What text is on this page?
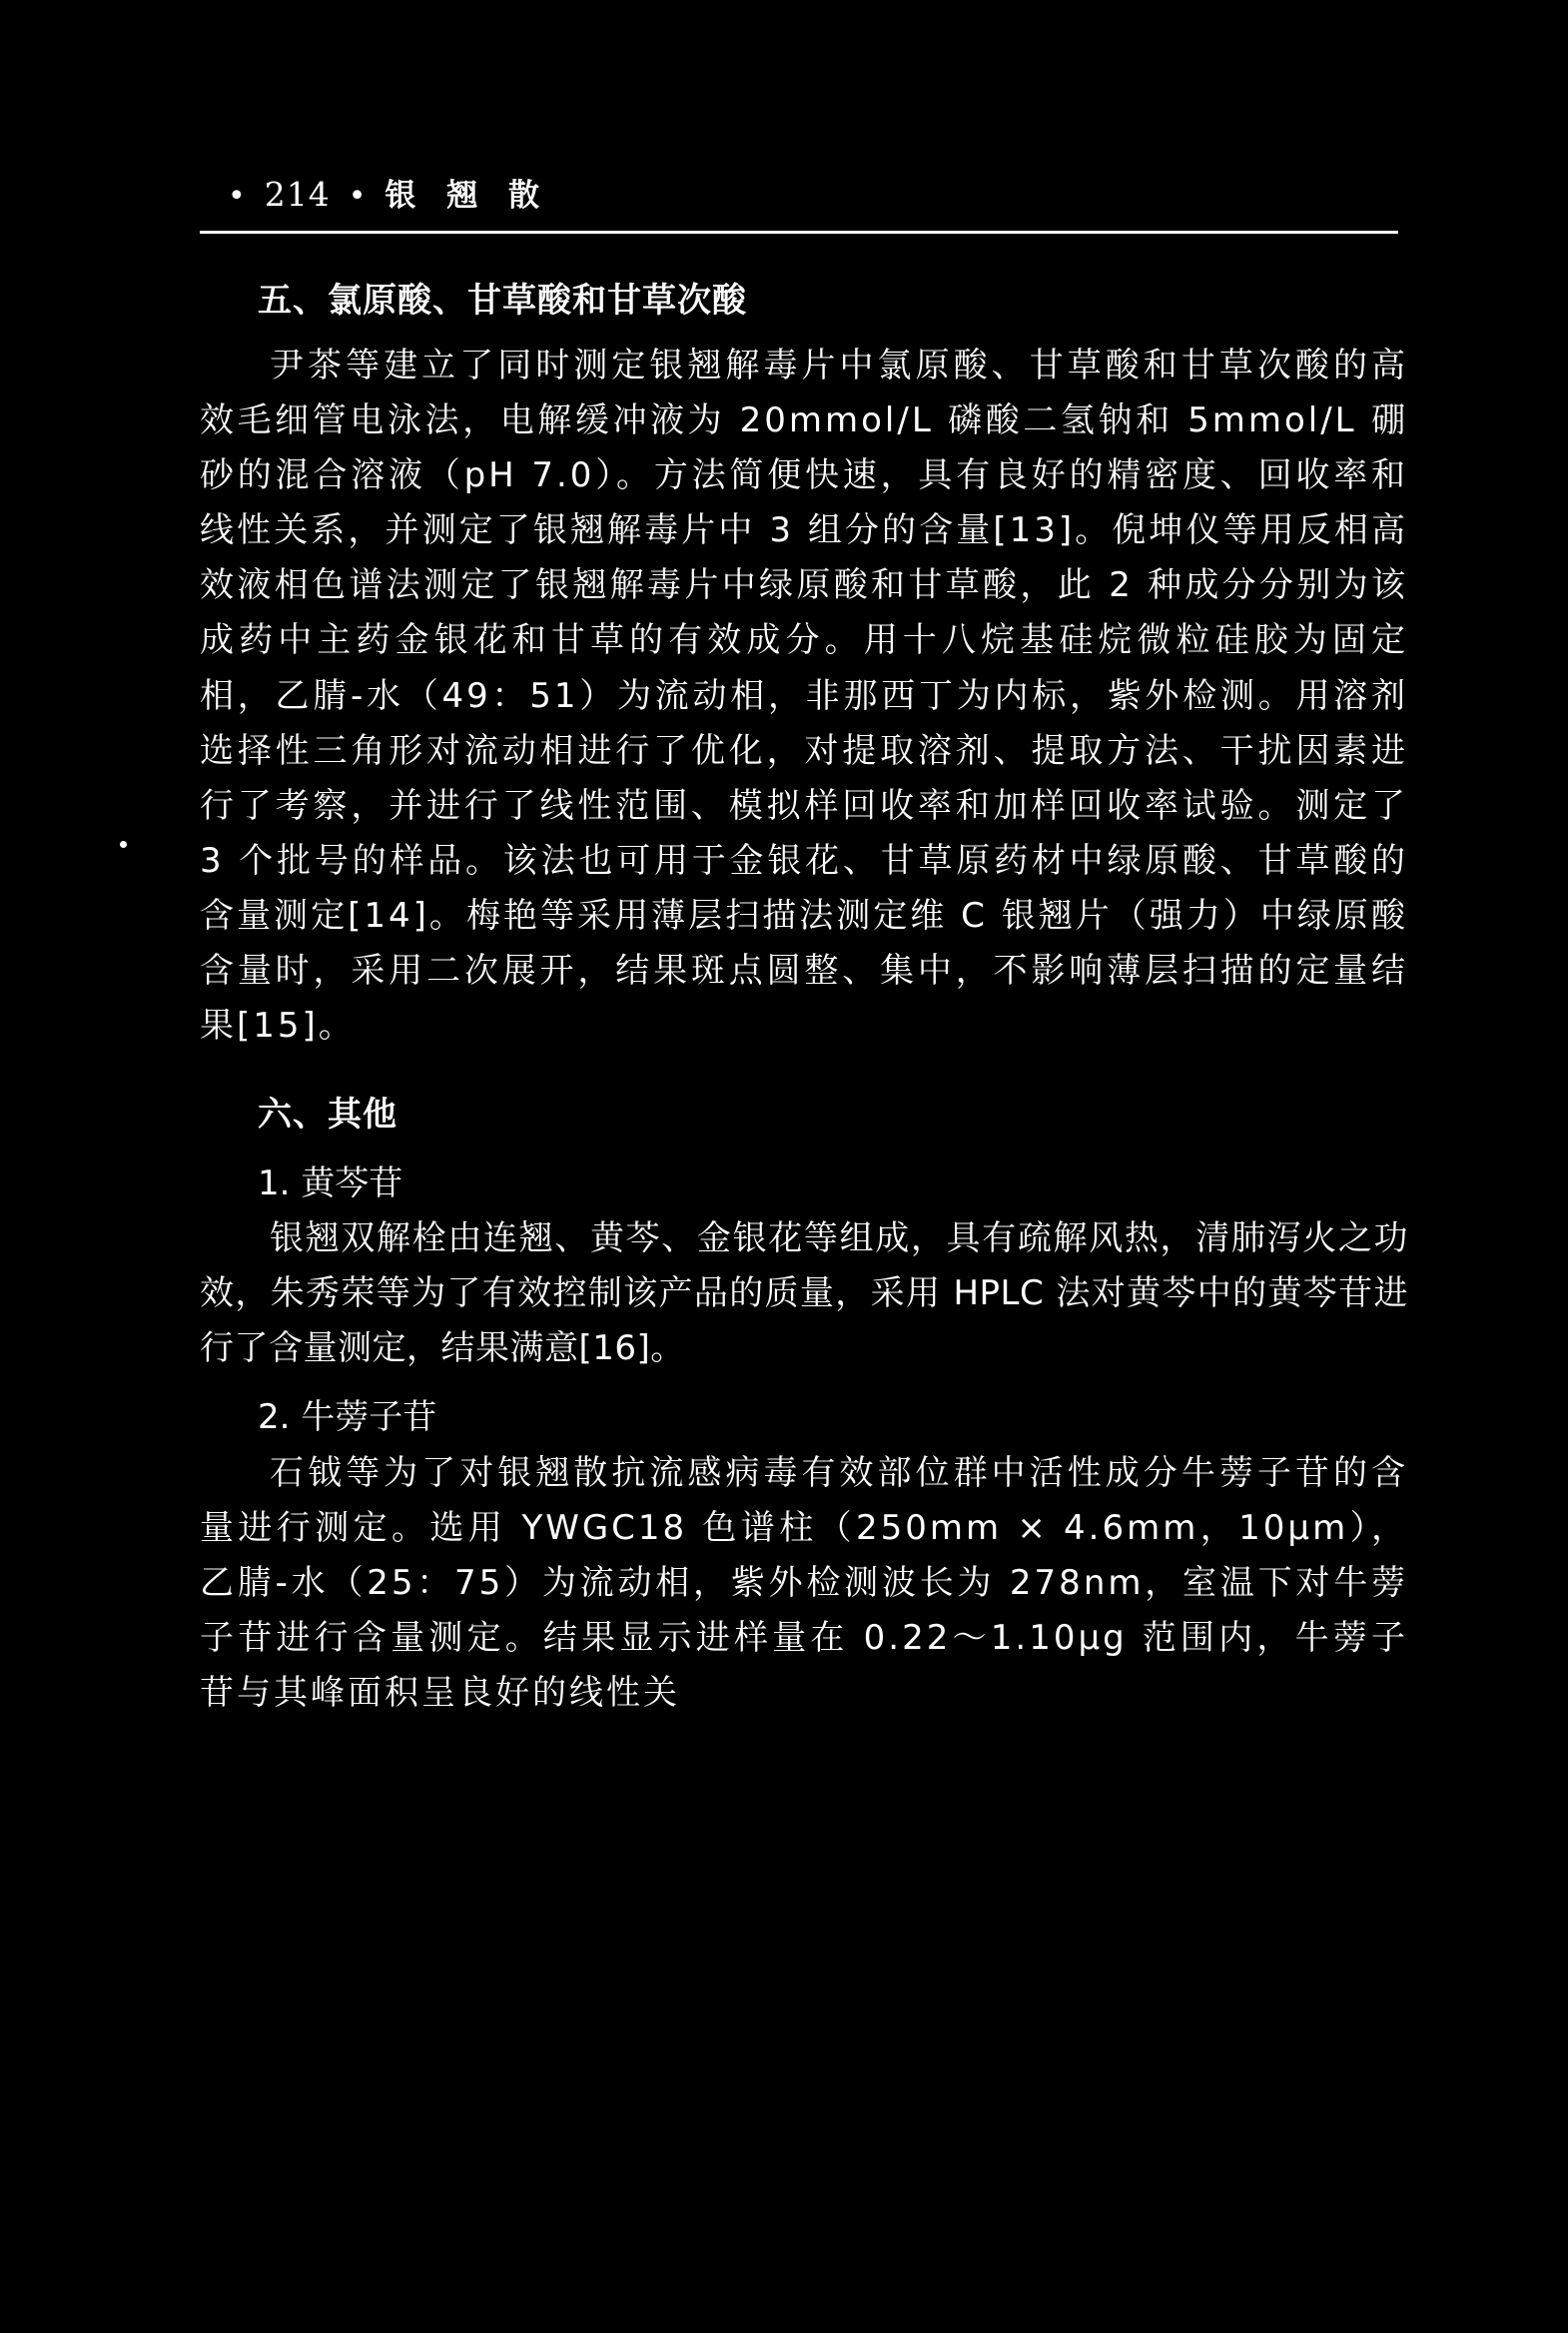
• 214 • 银 翘 散
五、氯原酸、甘草酸和甘草次酸

尹茶等建立了同时测定银翘解毒片中氯原酸、甘草酸和甘草次酸的高效毛细管电泳法，电解缓冲液为 20mmol/L 磷酸二氢钠和 5mmol/L 硼砂的混合溶液（pH 7.0）。方法简便快速，具有良好的精密度、回收率和线性关系，并测定了银翘解毒片中 3 组分的含量[13]。倪坤仪等用反相高效液相色谱法测定了银翘解毒片中绿原酸和甘草酸，此 2 种成分分别为该成药中主药金银花和甘草的有效成分。用十八烷基硅烷微粒硅胶为固定相，乙腈-水（49：51）为流动相，非那西丁为内标，紫外检测。用溶剂选择性三角形对流动相进行了优化，对提取溶剂、提取方法、干扰因素进行了考察，并进行了线性范围、模拟样回收率和加样回收率试验。测定了 3 个批号的样品。该法也可用于金银花、甘草原药材中绿原酸、甘草酸的含量测定[14]。梅艳等采用薄层扫描法测定维 C 银翘片（强力）中绿原酸含量时，采用二次展开，结果斑点圆整、集中，不影响薄层扫描的定量结果[15]。

六、其他
1. 黄芩苷

银翘双解栓由连翘、黄芩、金银花等组成，具有疏解风热，清肺泻火之功效，朱秀荣等为了有效控制该产品的质量，采用 HPLC 法对黄芩中的黄芩苷进行了含量测定，结果满意[16]。

2. 牛蒡子苷

石钺等为了对银翘散抗流感病毒有效部位群中活性成分牛蒡子苷的含量进行测定。选用 YWGC18 色谱柱（250mm × 4.6mm，10μm），乙腈-水（25：75）为流动相，紫外检测波长为 278nm，室温下对牛蒡子苷进行含量测定。结果显示进样量在 0.22～1.10μg 范围内，牛蒡子苷与其峰面积呈良好的线性关
